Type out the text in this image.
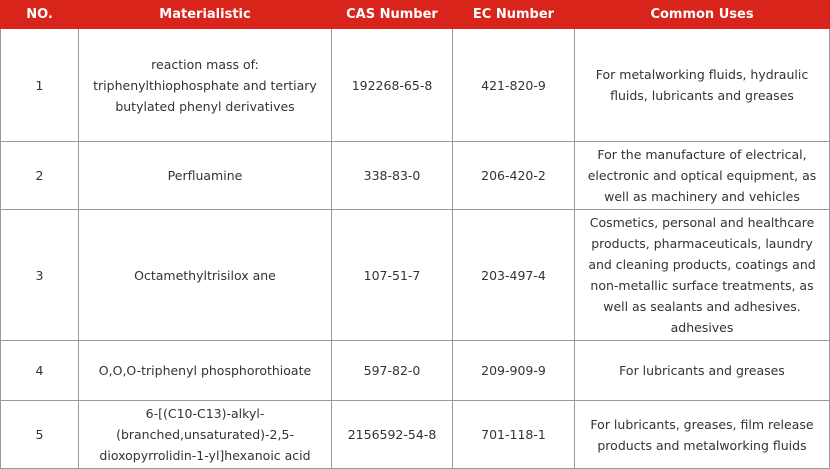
NO.	Materialistic	CAS Number	EC Number	Common Uses
1	reaction mass of: triphenylthiophosphate and tertiary butylated phenyl derivatives	192268-65-8	421-820-9	For metalworking fluids, hydraulic fluids, lubricants and greases
2	Perfluamine	338-83-0	206-420-2	For the manufacture of electrical, electronic and optical equipment, as well as machinery and vehicles
3	Octamethyltrisilox ane	107-51-7	203-497-4	Cosmetics, personal and healthcare products, pharmaceuticals, laundry and cleaning products, coatings and non-metallic surface treatments, as well as sealants and adhesives. adhesives
4	O,O,O-triphenyl phosphorothioate	597-82-0	209-909-9	For lubricants and greases
5	6-[(C10-C13)-alkyl-(branched,unsaturated)-2,5-dioxopyrrolidin-1-yl]hexanoic acid	2156592-54-8	701-118-1	For lubricants, greases, film release products and metalworking fluids
